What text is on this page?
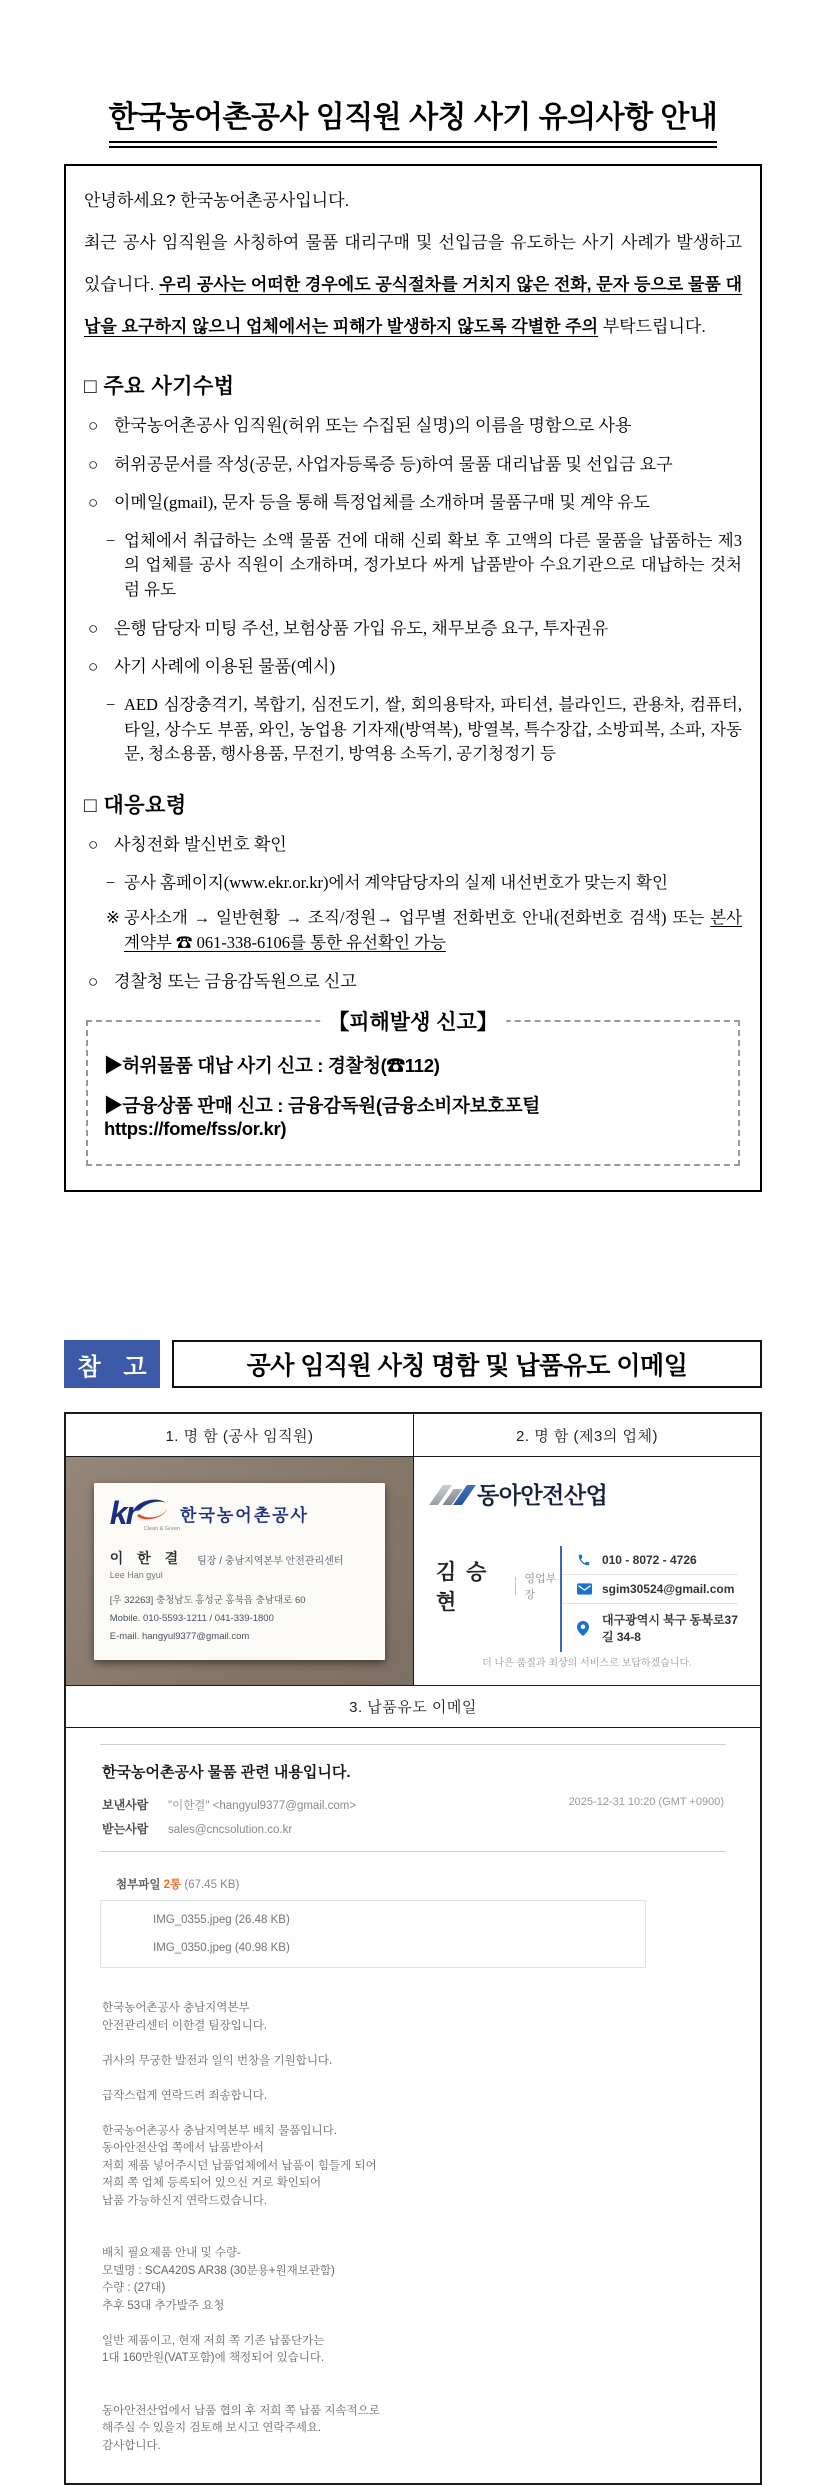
한국농어촌공사 임직원 사칭 사기 유의사항 안내

안녕하세요? 한국농어촌공사입니다.

최근 공사 임직원을 사칭하여 물품 대리구매 및 선입금을 유도하는 사기 사례가 발생하고 있습니다. 우리 공사는 어떠한 경우에도 공식절차를 거치지 않은 전화, 문자 등으로 물품 대납을 요구하지 않으니 업체에서는 피해가 발생하지 않도록 각별한 주의 부탁드립니다.

□ 주요 사기수법
○ 한국농어촌공사 임직원(허위 또는 수집된 실명)의 이름을 명함으로 사용
○ 허위공문서를 작성(공문, 사업자등록증 등)하여 물품 대리납품 및 선입금 요구
○ 이메일(gmail), 문자 등을 통해 특정업체를 소개하며 물품구매 및 계약 유도
− 업체에서 취급하는 소액 물품 건에 대해 신뢰 확보 후 고액의 다른 물품을 납품하는 제3의 업체를 공사 직원이 소개하며, 정가보다 싸게 납품받아 수요기관으로 대납하는 것처럼 유도
○ 은행 담당자 미팅 주선, 보험상품 가입 유도, 채무보증 요구, 투자권유
○ 사기 사례에 이용된 물품(예시)
− AED 심장충격기, 복합기, 심전도기, 쌀, 회의용탁자, 파티션, 블라인드, 관용차, 컴퓨터, 타일, 상수도 부품, 와인, 농업용 기자재(방역복), 방열복, 특수장갑, 소방피복, 소파, 자동문, 청소용품, 행사용품, 무전기, 방역용 소독기, 공기청정기 등
□ 대응요령
○ 사칭전화 발신번호 확인
− 공사 홈페이지(www.ekr.or.kr)에서 계약담당자의 실제 내선번호가 맞는지 확인
※ 공사소개 → 일반현황 → 조직/정원→ 업무별 전화번호 안내(전화번호 검색) 또는 본사 계약부 ☎ 061-338-6106를 통한 유선확인 가능
○ 경찰청 또는 금융감독원으로 신고
【피해발생 신고】
▶허위물품 대납 사기 신고 : 경찰청(☎112)
▶금융상품 판매 신고 : 금융감독원(금융소비자보호포털 https://fome/fss/or.kr)
참 고	공사 임직원 사칭 명함 및 납품유도 이메일
1. 명 함 (공사 임직원)	2. 명 함 (제3의 업체)
kr Clean & Green
한국농어촌공사
이 한 결
Lee Han gyul
팀장 / 충남지역본부 안전관리센터
[우 32263] 충청남도 홍성군 홍북읍 충남대로 60
Mobile. 010-5593-1211 / 041-339-1800
E-mail. hangyul9377@gmail.com
동아안전산업
김 승 현
영업부장
010 - 8072 - 4726
sgim30524@gmail.com
대구광역시 북구 동북로37길 34-8
더 나은 품질과 최상의 서비스로 보답하겠습니다.
3. 납품유도 이메일
한국농어촌공사 물품 관련 내용입니다.
2025-12-31 10:20 (GMT +0900)
보낸사람	"이한결" <hangyul9377@gmail.com>
받는사람	sales@cncsolution.co.kr
첨부파일 2통 (67.45 KB)
IMG_0355.jpeg (26.48 KB)
IMG_0350.jpeg (40.98 KB)
한국농어촌공사 충남지역본부
안전관리센터 이한결 팀장입니다.
귀사의 무궁한 발전과 일익 번창을 기원합니다.
급작스럽게 연락드려 죄송합니다.
한국농어촌공사 충남지역본부 배치 물품입니다.
동아안전산업 쪽에서 납품받아서
저희 제품 넣어주시던 납품업체에서 납품이 힘들게 되어
저희 쪽 업체 등록되어 있으신 거로 확인되어
납품 가능하신지 연락드렸습니다.
배치 필요제품 안내 및 수량-
모델명 : SCA420S AR38 (30분용+원재보관함)
수량 : (27대)
추후 53대 추가발주 요청
일반 제품이고, 현재 저희 쪽 기존 납품단가는
1대 160만원(VAT포함)에 책정되어 있습니다.
동아안전산업에서 납품 협의 후 저희 쪽 납품 지속적으로
해주실 수 있을지 검토해 보시고 연락주세요.
감사합니다.
